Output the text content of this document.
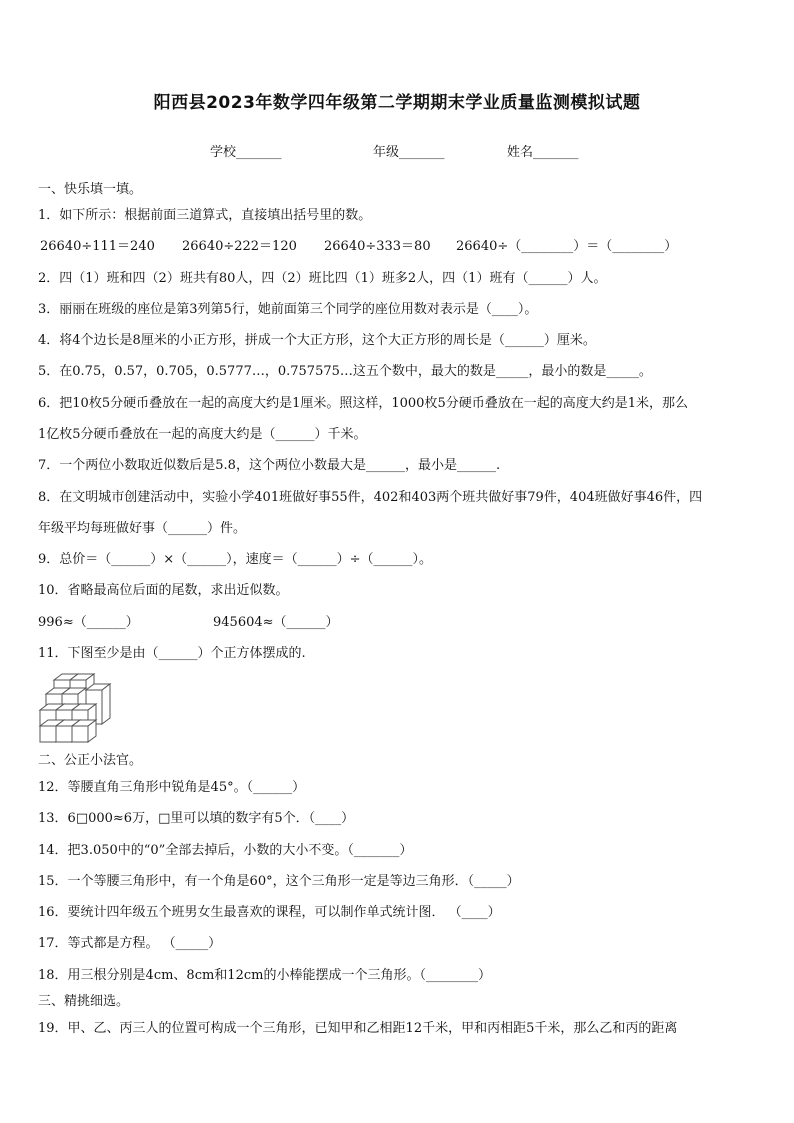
阳西县2023年数学四年级第二学期期末学业质量监测模拟试题
学校_______	年级_______	姓名_______
一、快乐填一填。
1．如下所示：根据前面三道算式，直接填出括号里的数。
26640÷111＝240 26640÷222＝120 26640÷333＝80 26640÷（________）＝（________）
2．四（1）班和四（2）班共有80人，四（2）班比四（1）班多2人，四（1）班有（______）人。
3．丽丽在班级的座位是第3列第5行，她前面第三个同学的座位用数对表示是（____）。
4．将4个边长是8厘米的小正方形，拼成一个大正方形，这个大正方形的周长是（______）厘米。
5．在0.75，0.57，0.705，0.5777…，0.757575…这五个数中，最大的数是_____，最小的数是_____。
6．把10枚5分硬币叠放在一起的高度大约是1厘米。照这样，1000枚5分硬币叠放在一起的高度大约是1米，那么
1亿枚5分硬币叠放在一起的高度大约是（______）千米。
7．一个两位小数取近似数后是5.8，这个两位小数最大是______，最小是______.
8．在文明城市创建活动中，实验小学401班做好事55件，402和403两个班共做好事79件，404班做好事46件，四
年级平均每班做好事（______）件。
9．总价＝（______）×（______），速度＝（______）÷（______）。
10．省略最高位后面的尾数，求出近似数。
996≈（______）	945604≈（______）
11．下图至少是由（______）个正方体摆成的.
二、公正小法官。
12．等腰直角三角形中锐角是45°。（______）
13．6□000≈6万，□里可以填的数字有5个．（____）
14．把3.050中的“0”全部去掉后，小数的大小不变。（_______）
15．一个等腰三角形中，有一个角是60°，这个三角形一定是等边三角形．（_____）
16．要统计四年级五个班男女生最喜欢的课程，可以制作单式统计图． （____）
17．等式都是方程。 （_____）
18．用三根分别是4cm、8cm和12cm的小棒能摆成一个三角形。（________）
三、精挑细选。
19．甲、乙、丙三人的位置可构成一个三角形，已知甲和乙相距12千米，甲和丙相距5千米，那么乙和丙的距离
